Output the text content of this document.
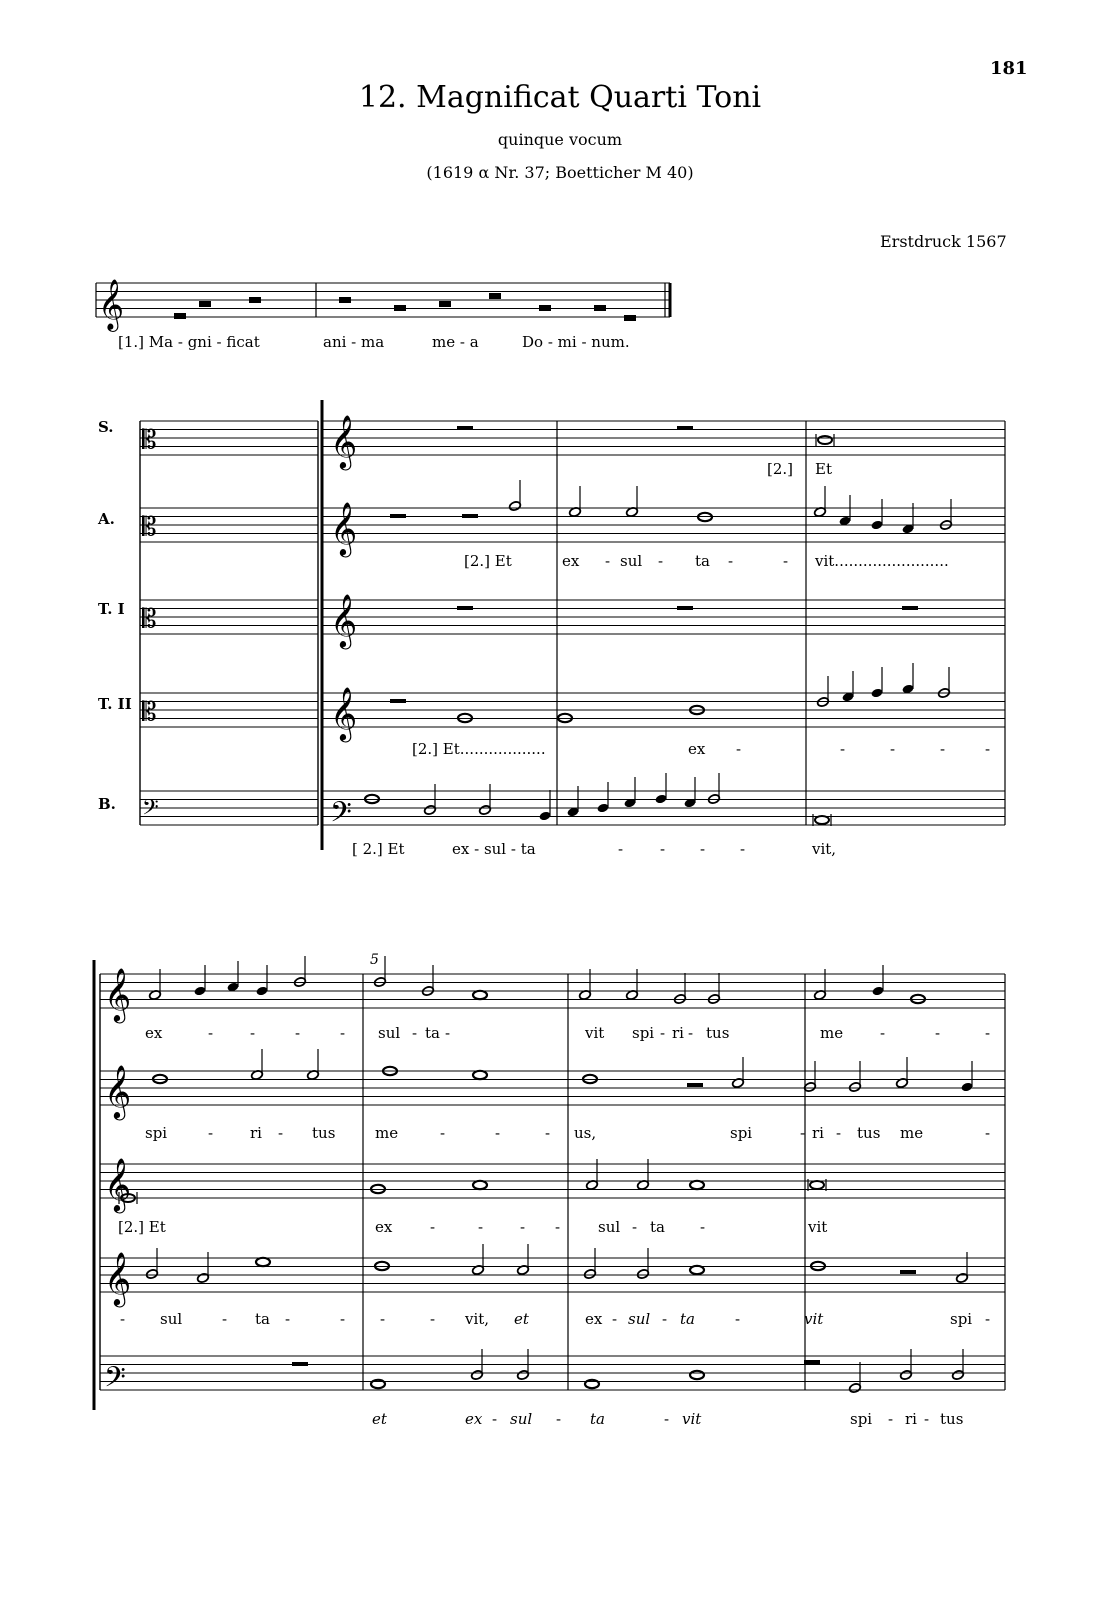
181
12. Magnificat Quarti Toni
quinque vocum
(1619 α Nr. 37; Boetticher M 40)
Erstdruck 1567
[1.] Ma - gni - ficat	ani - ma	me - a	Do - mi - num.
S.
A.
T. I
T. II
B.
[2.] Et
[2.] Et	ex - sul - ta -	- vit........................
[2.] Et..................	ex -	-	-	-	-
[ 2.] Et	ex - sul - ta	- - - -	vit,
5
ex	- -	-	- sul - ta -	vit spi - ri - tus	me -	-	-
spi	- ri - tus	me	-	-	- us,	spi	- ri - tus me	-
[2.] Et	ex	-	- - -	sul - ta -	vit
- sul	- ta -	- -	- vit, et	ex - sul - ta	-	vit	spi -
et	ex - sul - ta	- vit	spi - ri - tus
𝄞
𝄞
𝄡
𝄞
𝄡
𝄞
𝄡
𝄞
𝄡
𝄢
𝄢
𝄞
𝄞
𝄞
𝄞
𝄢
